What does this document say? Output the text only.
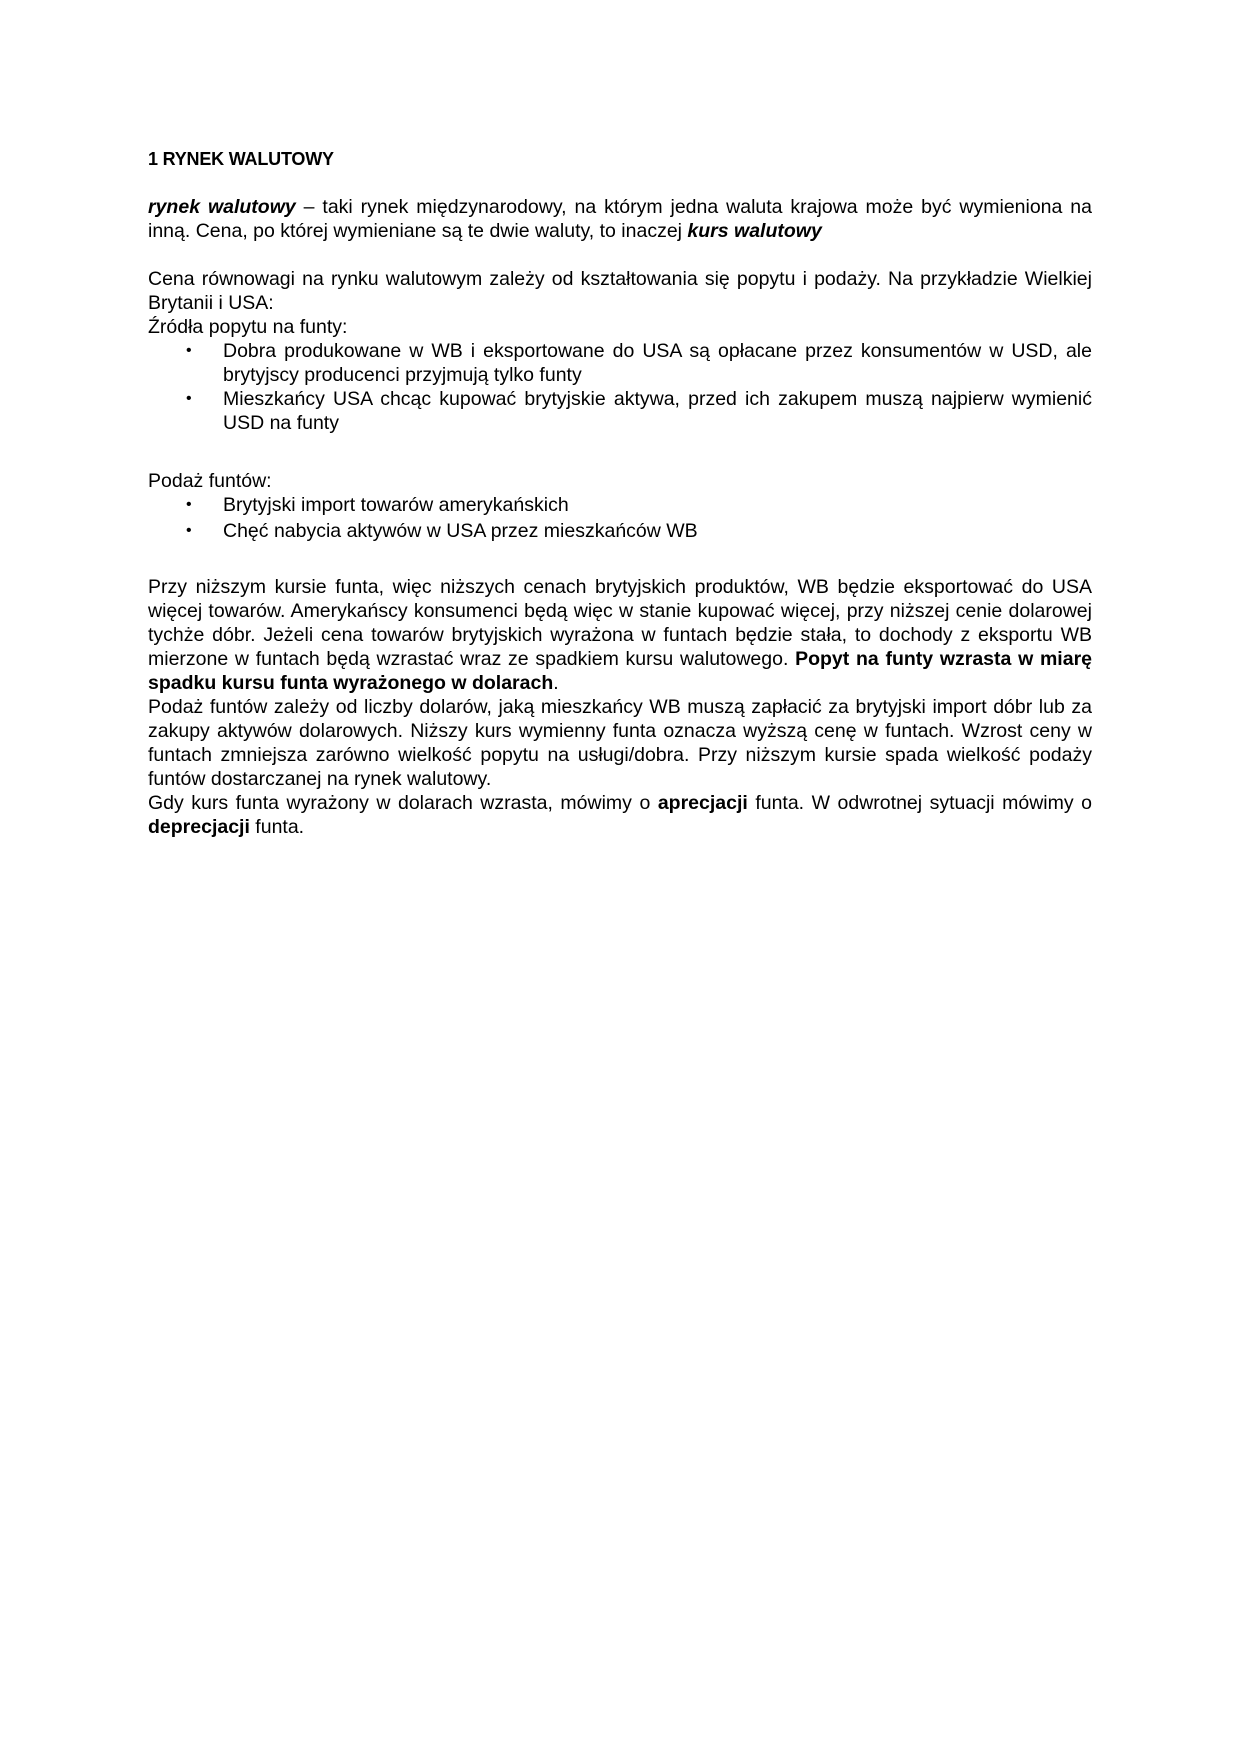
1 RYNEK WALUTOWY

rynek walutowy – taki rynek międzynarodowy, na którym jedna waluta krajowa może być wymieniona na inną. Cena, po której wymieniane są te dwie waluty, to inaczej kurs walutowy

Cena równowagi na rynku walutowym zależy od kształtowania się popytu i podaży. Na przykładzie Wielkiej Brytanii i USA:

Źródła popytu na funty:

• Dobra produkowane w WB i eksportowane do USA są opłacane przez konsumentów w USD, ale brytyjscy producenci przyjmują tylko funty
• Mieszkańcy USA chcąc kupować brytyjskie aktywa, przed ich zakupem muszą najpierw wymienić USD na funty

Podaż funtów:

• Brytyjski import towarów amerykańskich
• Chęć nabycia aktywów w USA przez mieszkańców WB

Przy niższym kursie funta, więc niższych cenach brytyjskich produktów, WB będzie eksportować do USA więcej towarów. Amerykańscy konsumenci będą więc w stanie kupować więcej, przy niższej cenie dolarowej tychże dóbr. Jeżeli cena towarów brytyjskich wyrażona w funtach będzie stała, to dochody z eksportu WB mierzone w funtach będą wzrastać wraz ze spadkiem kursu walutowego. Popyt na funty wzrasta w miarę spadku kursu funta wyrażonego w dolarach.

Podaż funtów zależy od liczby dolarów, jaką mieszkańcy WB muszą zapłacić za brytyjski import dóbr lub za zakupy aktywów dolarowych. Niższy kurs wymienny funta oznacza wyższą cenę w funtach. Wzrost ceny w funtach zmniejsza zarówno wielkość popytu na usługi/dobra. Przy niższym kursie spada wielkość podaży funtów dostarczanej na rynek walutowy.

Gdy kurs funta wyrażony w dolarach wzrasta, mówimy o aprecjacji funta. W odwrotnej sytuacji mówimy o deprecjacji funta.
